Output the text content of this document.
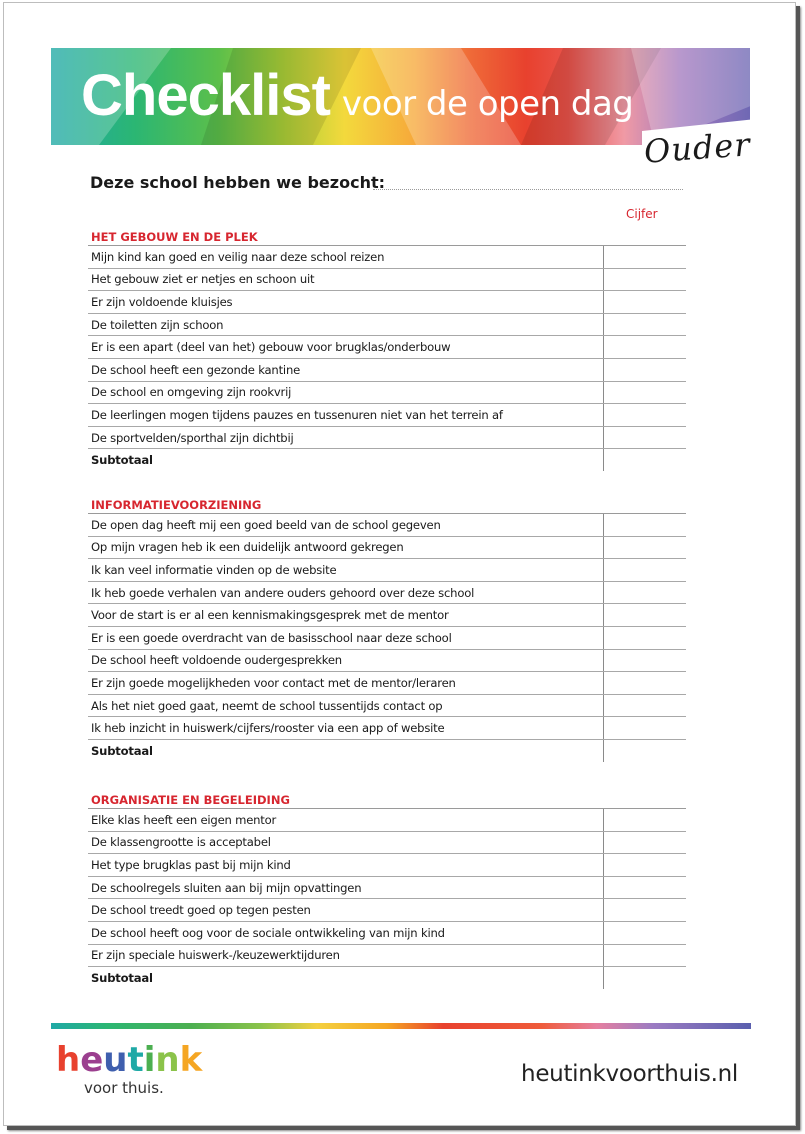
Checklist voor de open dag
Ouder
Deze school hebben we bezocht:
Cijfer
HET GEBOUW EN DE PLEK
Mijn kind kan goed en veilig naar deze school reizen
Het gebouw ziet er netjes en schoon uit
Er zijn voldoende kluisjes
De toiletten zijn schoon
Er is een apart (deel van het) gebouw voor brugklas/onderbouw
De school heeft een gezonde kantine
De school en omgeving zijn rookvrij
De leerlingen mogen tijdens pauzes en tussenuren niet van het terrein af
De sportvelden/sporthal zijn dichtbij
Subtotaal
INFORMATIEVOORZIENING
De open dag heeft mij een goed beeld van de school gegeven
Op mijn vragen heb ik een duidelijk antwoord gekregen
Ik kan veel informatie vinden op de website
Ik heb goede verhalen van andere ouders gehoord over deze school
Voor de start is er al een kennismakingsgesprek met de mentor
Er is een goede overdracht van de basisschool naar deze school
De school heeft voldoende oudergesprekken
Er zijn goede mogelijkheden voor contact met de mentor/leraren
Als het niet goed gaat, neemt de school tussentijds contact op
Ik heb inzicht in huiswerk/cijfers/rooster via een app of website
Subtotaal
ORGANISATIE EN BEGELEIDING
Elke klas heeft een eigen mentor
De klassengrootte is acceptabel
Het type brugklas past bij mijn kind
De schoolregels sluiten aan bij mijn opvattingen
De school treedt goed op tegen pesten
De school heeft oog voor de sociale ontwikkeling van mijn kind
Er zijn speciale huiswerk-/keuzewerktijduren
Subtotaal
heutink
voor thuis.
heutinkvoorthuis.nl
